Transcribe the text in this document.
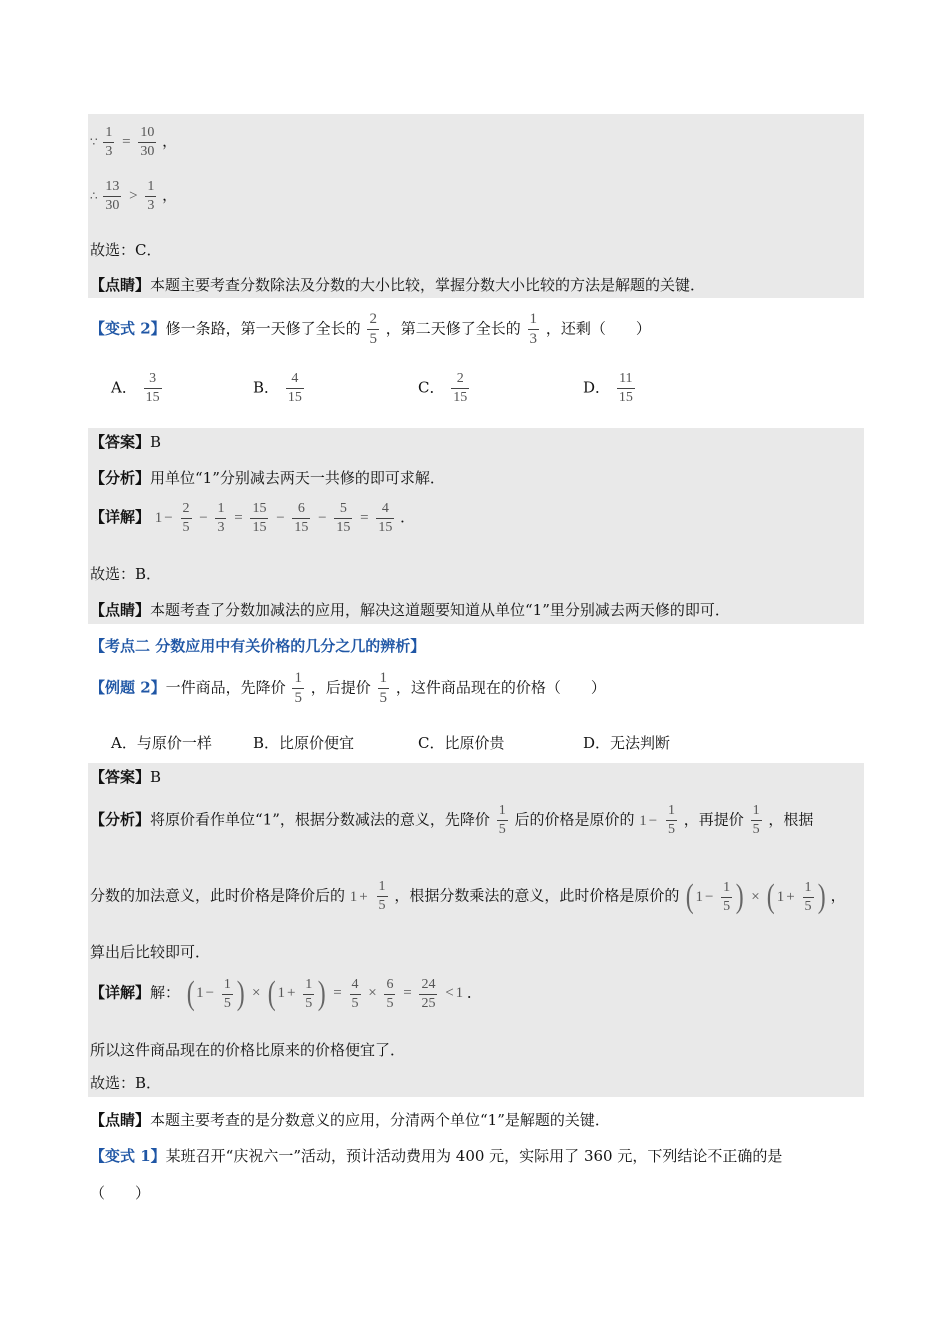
∵ $\frac{1}{3} = \frac{10}{30}$ ，
∴ $\frac{13}{30} > \frac{1}{3}$ ，
故选：C．
【点睛】本题主要考查分数除法及分数的大小比较，掌握分数大小比较的方法是解题的关键．
【变式 2】修一条路，第一天修了全长的 $\frac{2}{5}$ ，第二天修了全长的 $\frac{1}{3}$ ，还剩（　　）
A． $\frac{3}{15}$	B． $\frac{4}{15}$	C． $\frac{2}{15}$	D． $\frac{11}{15}$
【答案】B
【分析】用单位“1”分别减去两天一共修的即可求解．
【详解】 $1 - \frac{2}{5} - \frac{1}{3} = \frac{15}{15} - \frac{6}{15} - \frac{5}{15} = \frac{4}{15}$ ．
故选：B．
【点睛】本题考查了分数加减法的应用，解决这道题要知道从单位“1”里分别减去两天修的即可．
【考点二 分数应用中有关价格的几分之几的辨析】
【例题 2】一件商品，先降价 $\frac{1}{5}$ ，后提价 $\frac{1}{5}$ ，这件商品现在的价格（　　）
A．与原价一样	B．比原价便宜	C．比原价贵	D．无法判断
【答案】B
【分析】将原价看作单位“1”，根据分数减法的意义，先降价 $\frac{1}{5}$ 后的价格是原价的 $1 - \frac{1}{5}$ ，再提价 $\frac{1}{5}$ ，根据
分数的加法意义，此时价格是降价后的 $1 + \frac{1}{5}$ ，根据分数乘法的意义，此时价格是原价的 ( $1 - \frac{1}{5}$ ) × ( $1 + \frac{1}{5}$ ) ，
算出后比较即可．
【详解】解： ( $1 - \frac{1}{5}$ ) × ( $1 + \frac{1}{5}$ ) = $\frac{4}{5} \times \frac{6}{5} = \frac{24}{25} < 1$ ．
所以这件商品现在的价格比原来的价格便宜了．
故选：B．
【点睛】本题主要考查的是分数意义的应用，分清两个单位“1”是解题的关键．
【变式 1】某班召开“庆祝六一”活动，预计活动费用为 400 元，实际用了 360 元，下列结论不正确的是
（　　）
